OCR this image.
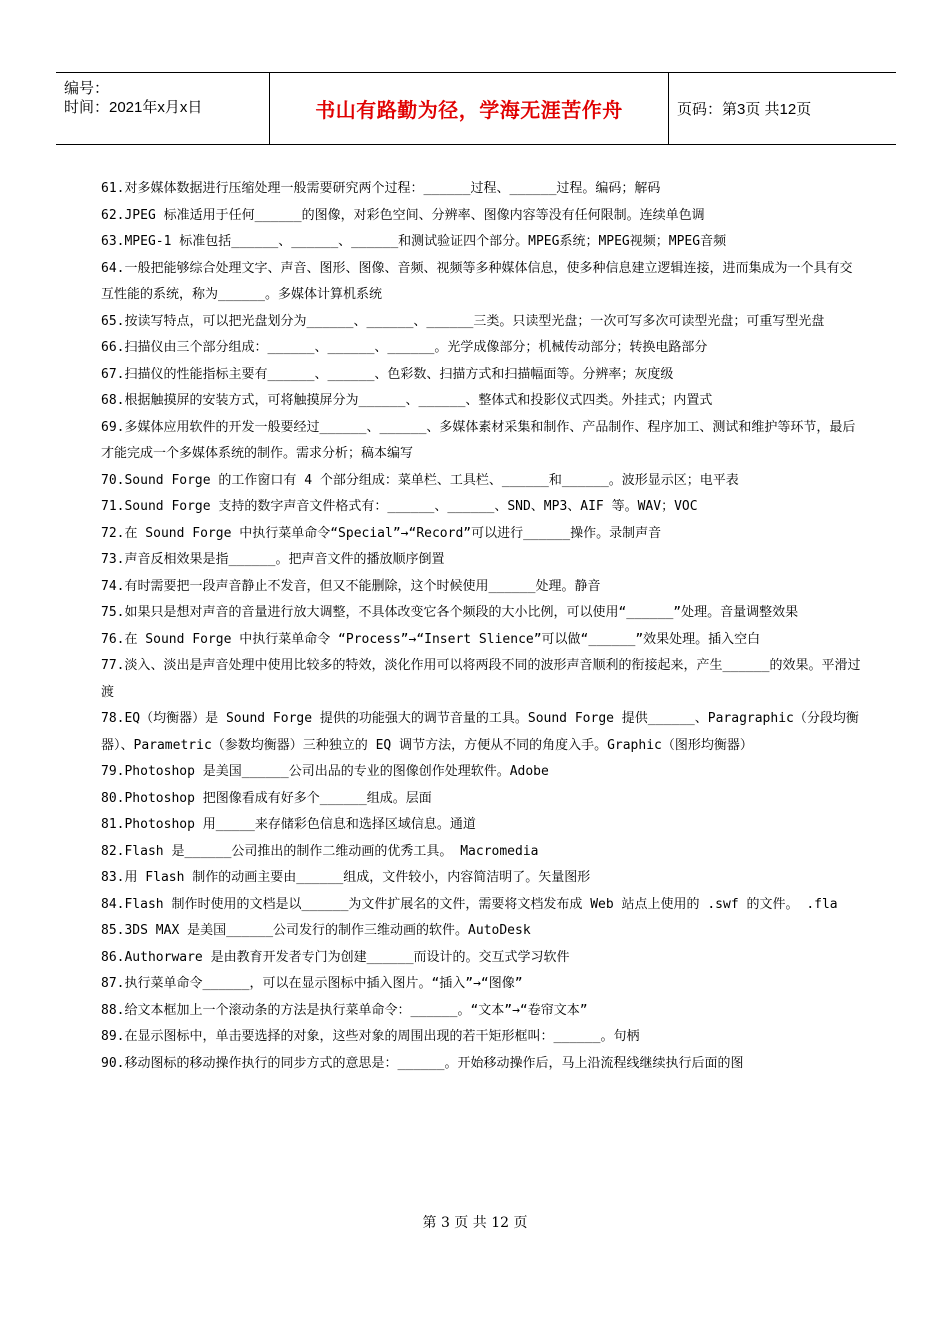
编号：
时间：2021年x月x日	书山有路勤为径，学海无涯苦作舟	页码：第3页 共12页

61.对多媒体数据进行压缩处理一般需要研究两个过程：______过程、______过程。编码；解码

62.JPEG 标准适用于任何______的图像，对彩色空间、分辨率、图像内容等没有任何限制。连续单色调

63.MPEG-1 标准包括______、______、______和测试验证四个部分。MPEG系统；MPEG视频；MPEG音频

64.一般把能够综合处理文字、声音、图形、图像、音频、视频等多种媒体信息，使多种信息建立逻辑连接，进而集成为一个具有交互性能的系统，称为______。多媒体计算机系统

65.按读写特点，可以把光盘划分为______、______、______三类。只读型光盘；一次可写多次可读型光盘；可重写型光盘

66.扫描仪由三个部分组成：______、______、______。光学成像部分；机械传动部分；转换电路部分

67.扫描仪的性能指标主要有______、______、色彩数、扫描方式和扫描幅面等。分辨率；灰度级

68.根据触摸屏的安装方式，可将触摸屏分为______、______、整体式和投影仪式四类。外挂式；内置式

69.多媒体应用软件的开发一般要经过______、______、多媒体素材采集和制作、产品制作、程序加工、测试和维护等环节，最后才能完成一个多媒体系统的制作。需求分析；稿本编写

70.Sound Forge 的工作窗口有 4 个部分组成：菜单栏、工具栏、______和______。波形显示区；电平表

71.Sound Forge 支持的数字声音文件格式有：______、______、SND、MP3、AIF 等。WAV；VOC

72.在 Sound Forge 中执行菜单命令“Special”→“Record”可以进行______操作。录制声音

73.声音反相效果是指______。把声音文件的播放顺序倒置

74.有时需要把一段声音静止不发音，但又不能删除，这个时候使用______处理。静音

75.如果只是想对声音的音量进行放大调整，不具体改变它各个频段的大小比例，可以使用“______”处理。音量调整效果

76.在 Sound Forge 中执行菜单命令 “Process”→“Insert Slience”可以做“______”效果处理。插入空白

77.淡入、淡出是声音处理中使用比较多的特效，淡化作用可以将两段不同的波形声音顺利的衔接起来，产生______的效果。平滑过渡

78.EQ（均衡器）是 Sound Forge 提供的功能强大的调节音量的工具。Sound Forge 提供______、Paragraphic（分段均衡器）、Parametric（参数均衡器）三种独立的 EQ 调节方法，方便从不同的角度入手。Graphic（图形均衡器）

79.Photoshop 是美国______公司出品的专业的图像创作处理软件。Adobe

80.Photoshop 把图像看成有好多个______组成。层面

81.Photoshop 用_____来存储彩色信息和选择区域信息。通道

82.Flash 是______公司推出的制作二维动画的优秀工具。 Macromedia

83.用 Flash 制作的动画主要由______组成，文件较小，内容简洁明了。矢量图形

84.Flash 制作时使用的文档是以______为文件扩展名的文件，需要将文档发布成 Web 站点上使用的 .swf 的文件。 .fla

85.3DS MAX 是美国______公司发行的制作三维动画的软件。AutoDesk

86.Authorware 是由教育开发者专门为创建______而设计的。交互式学习软件

87.执行菜单命令______，可以在显示图标中插入图片。“插入”→“图像”

88.给文本框加上一个滚动条的方法是执行菜单命令：______。“文本”→“卷帘文本”

89.在显示图标中，单击要选择的对象，这些对象的周围出现的若干矩形框叫：______。句柄

90.移动图标的移动操作执行的同步方式的意思是：______。开始移动操作后，马上沿流程线继续执行后面的图

第 3 页 共 12 页
